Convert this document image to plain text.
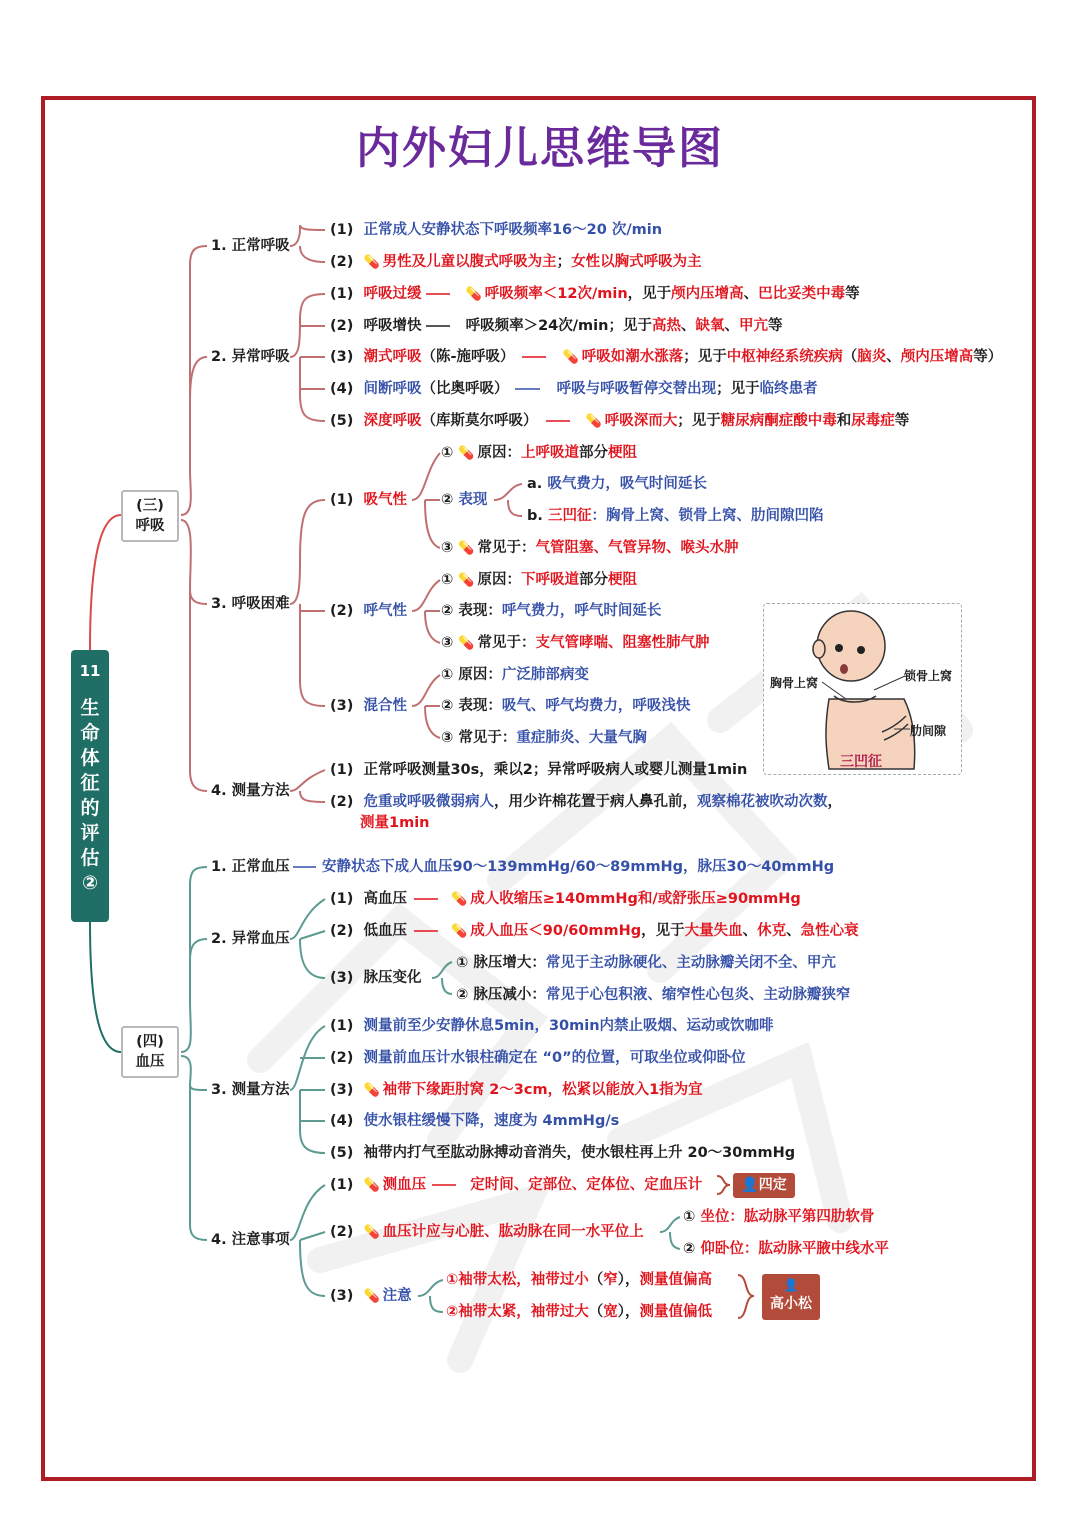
内外妇儿思维导图
11
生
命
体
征
的
评
估
②
(三)呼吸
(四)血压
1. 正常呼吸
(1) 正常成人安静状态下呼吸频率16～20 次/min
(2) 💊 男性及儿童以腹式呼吸为主；女性以胸式呼吸为主
2. 异常呼吸
(1) 呼吸过缓	💊 呼吸频率＜12次/min，见于颅内压增高、巴比妥类中毒等
(2) 呼吸增快	呼吸频率＞24次/min；见于高热、缺氧、甲亢等
(3) 潮式呼吸（陈-施呼吸）	💊 呼吸如潮水涨落；见于中枢神经系统疾病（脑炎、颅内压增高等）
(4) 间断呼吸（比奥呼吸）	呼吸与呼吸暂停交替出现；见于临终患者
(5) 深度呼吸（库斯莫尔呼吸）	💊 呼吸深而大；见于糖尿病酮症酸中毒和尿毒症等
3. 呼吸困难
(1) 吸气性
① 💊 原因：上呼吸道部分梗阻
② 表现
a. 吸气费力，吸气时间延长
b. 三凹征：胸骨上窝、锁骨上窝、肋间隙凹陷
③ 💊 常见于：气管阻塞、气管异物、喉头水肿
(2) 呼气性
① 💊 原因：下呼吸道部分梗阻
② 表现：呼气费力，呼气时间延长
③ 💊 常见于：支气管哮喘、阻塞性肺气肿
(3) 混合性
① 原因：广泛肺部病变
② 表现：吸气、呼气均费力，呼吸浅快
③ 常见于：重症肺炎、大量气胸
4. 测量方法
(1) 正常呼吸测量30s，乘以2；异常呼吸病人或婴儿测量1min
(2) 危重或呼吸微弱病人，用少许棉花置于病人鼻孔前，观察棉花被吹动次数，
测量1min
胸骨上窝	锁骨上窝
肋间隙
三凹征
1. 正常血压 安静状态下成人血压90～139mmHg/60～89mmHg，脉压30～40mmHg
2. 异常血压
(1) 高血压	💊 成人收缩压≥140mmHg和/或舒张压≥90mmHg
(2) 低血压	💊 成人血压＜90/60mmHg，见于大量失血、休克、急性心衰
(3) 脉压变化
① 脉压增大：常见于主动脉硬化、主动脉瓣关闭不全、甲亢
② 脉压减小：常见于心包积液、缩窄性心包炎、主动脉瓣狭窄
3. 测量方法
(1) 测量前至少安静休息5min，30min内禁止吸烟、运动或饮咖啡
(2) 测量前血压计水银柱确定在 “0”的位置，可取坐位或仰卧位
(3) 💊 袖带下缘距肘窝 2～3cm，松紧以能放入1指为宜
(4) 使水银柱缓慢下降，速度为 4mmHg/s
(5) 袖带内打气至肱动脉搏动音消失，使水银柱再上升 20～30mmHg
4. 注意事项
(1) 💊 测血压	定时间、定部位、定体位、定血压计	👤四定
(2) 💊 血压计应与心脏、肱动脉在同一水平位上
① 坐位：肱动脉平第四肋软骨
② 仰卧位：肱动脉平腋中线水平
(3) 💊 注意
①袖带太松，袖带过小（窄），测量值偏高
②袖带太紧，袖带过大（宽），测量值偏低
👤
高小松
